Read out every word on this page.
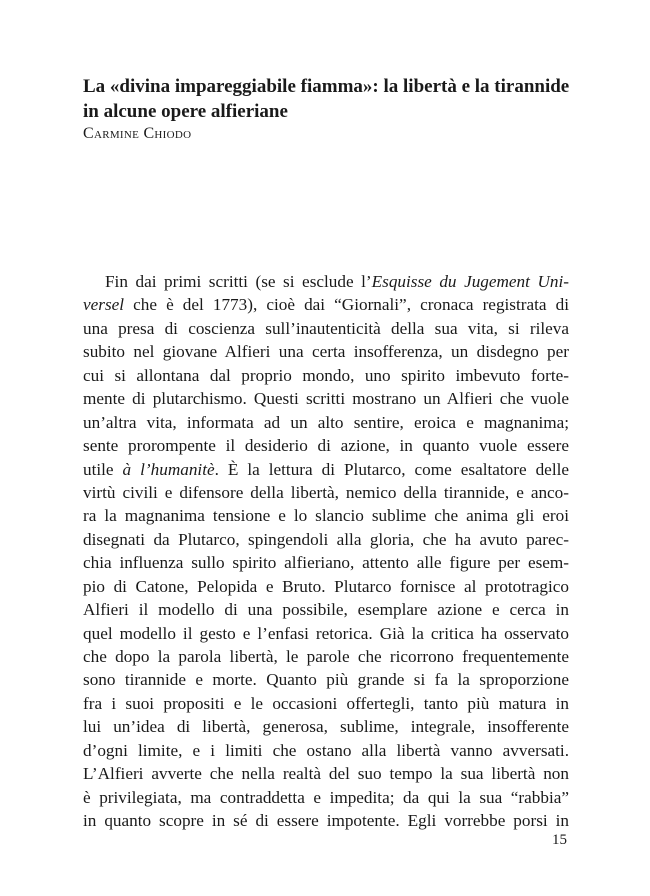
La «divina impareggiabile fiamma»: la libertà e la tirannide
in alcune opere alfieriane

Carmine Chiodo

Fin dai primi scritti (se si esclude l’Esquisse du Jugement Uni-
versel che è del 1773), cioè dai “Giornali”, cronaca registrata di
una presa di coscienza sull’inautenticità della sua vita, si rileva
subito nel giovane Alfieri una certa insofferenza, un disdegno per
cui si allontana dal proprio mondo, uno spirito imbevuto forte-
mente di plutarchismo. Questi scritti mostrano un Alfieri che vuole
un’altra vita, informata ad un alto sentire, eroica e magnanima;
sente prorompente il desiderio di azione, in quanto vuole essere
utile à l’humanitè. È la lettura di Plutarco, come esaltatore delle
virtù civili e difensore della libertà, nemico della tirannide, e anco-
ra la magnanima tensione e lo slancio sublime che anima gli eroi
disegnati da Plutarco, spingendoli alla gloria, che ha avuto parec-
chia influenza sullo spirito alfieriano, attento alle figure per esem-
pio di Catone, Pelopida e Bruto. Plutarco fornisce al prototragico
Alfieri il modello di una possibile, esemplare azione e cerca in
quel modello il gesto e l’enfasi retorica. Già la critica ha osservato
che dopo la parola libertà, le parole che ricorrono frequentemente
sono tirannide e morte. Quanto più grande si fa la sproporzione
fra i suoi propositi e le occasioni offertegli, tanto più matura in
lui un’idea di libertà, generosa, sublime, integrale, insofferente
d’ogni limite, e i limiti che ostano alla libertà vanno avversati.
L’Alfieri avverte che nella realtà del suo tempo la sua libertà non
è privilegiata, ma contraddetta e impedita; da qui la sua “rabbia”
in quanto scopre in sé di essere impotente. Egli vorrebbe porsi in

15
